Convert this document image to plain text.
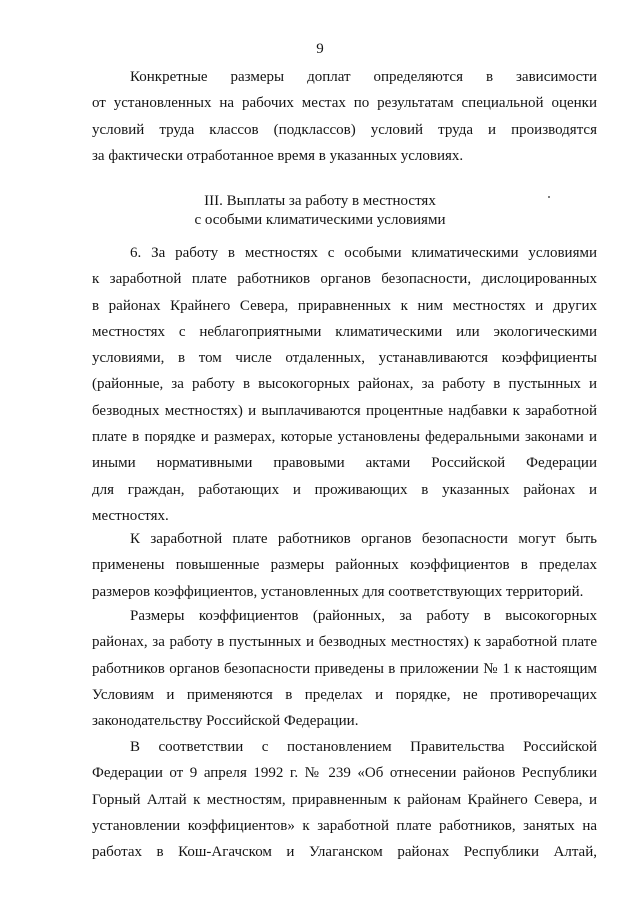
9
Конкретные размеры доплат определяются в зависимости
от установленных на рабочих местах по результатам специальной оценки
условий труда классов (подклассов) условий труда и производятся
за фактически отработанное время в указанных условиях.
III. Выплаты за работу в местностях
с особыми климатическими условиями
6. За работу в местностях с особыми климатическими условиями
к заработной плате работников органов безопасности, дислоцированных
в районах Крайнего Севера, приравненных к ним местностях и других
местностях с неблагоприятными климатическими или экологическими
условиями, в том числе отдаленных, устанавливаются коэффициенты
(районные, за работу в высокогорных районах, за работу в пустынных и
безводных местностях) и выплачиваются процентные надбавки к заработной
плате в порядке и размерах, которые установлены федеральными законами и
иными нормативными правовыми актами Российской Федерации
для граждан, работающих и проживающих в указанных районах и
местностях.
К заработной плате работников органов безопасности могут быть
применены повышенные размеры районных коэффициентов в пределах
размеров коэффициентов, установленных для соответствующих территорий.
Размеры коэффициентов (районных, за работу в высокогорных
районах, за работу в пустынных и безводных местностях) к заработной плате
работников органов безопасности приведены в приложении № 1 к настоящим
Условиям и применяются в пределах и порядке, не противоречащих
законодательству Российской Федерации.
В соответствии с постановлением Правительства Российской
Федерации от 9 апреля 1992 г. № 239 «Об отнесении районов Республики
Горный Алтай к местностям, приравненным к районам Крайнего Севера, и
установлении коэффициентов» к заработной плате работников, занятых на
работах в Кош-Агачском и Улаганском районах Республики Алтай,
